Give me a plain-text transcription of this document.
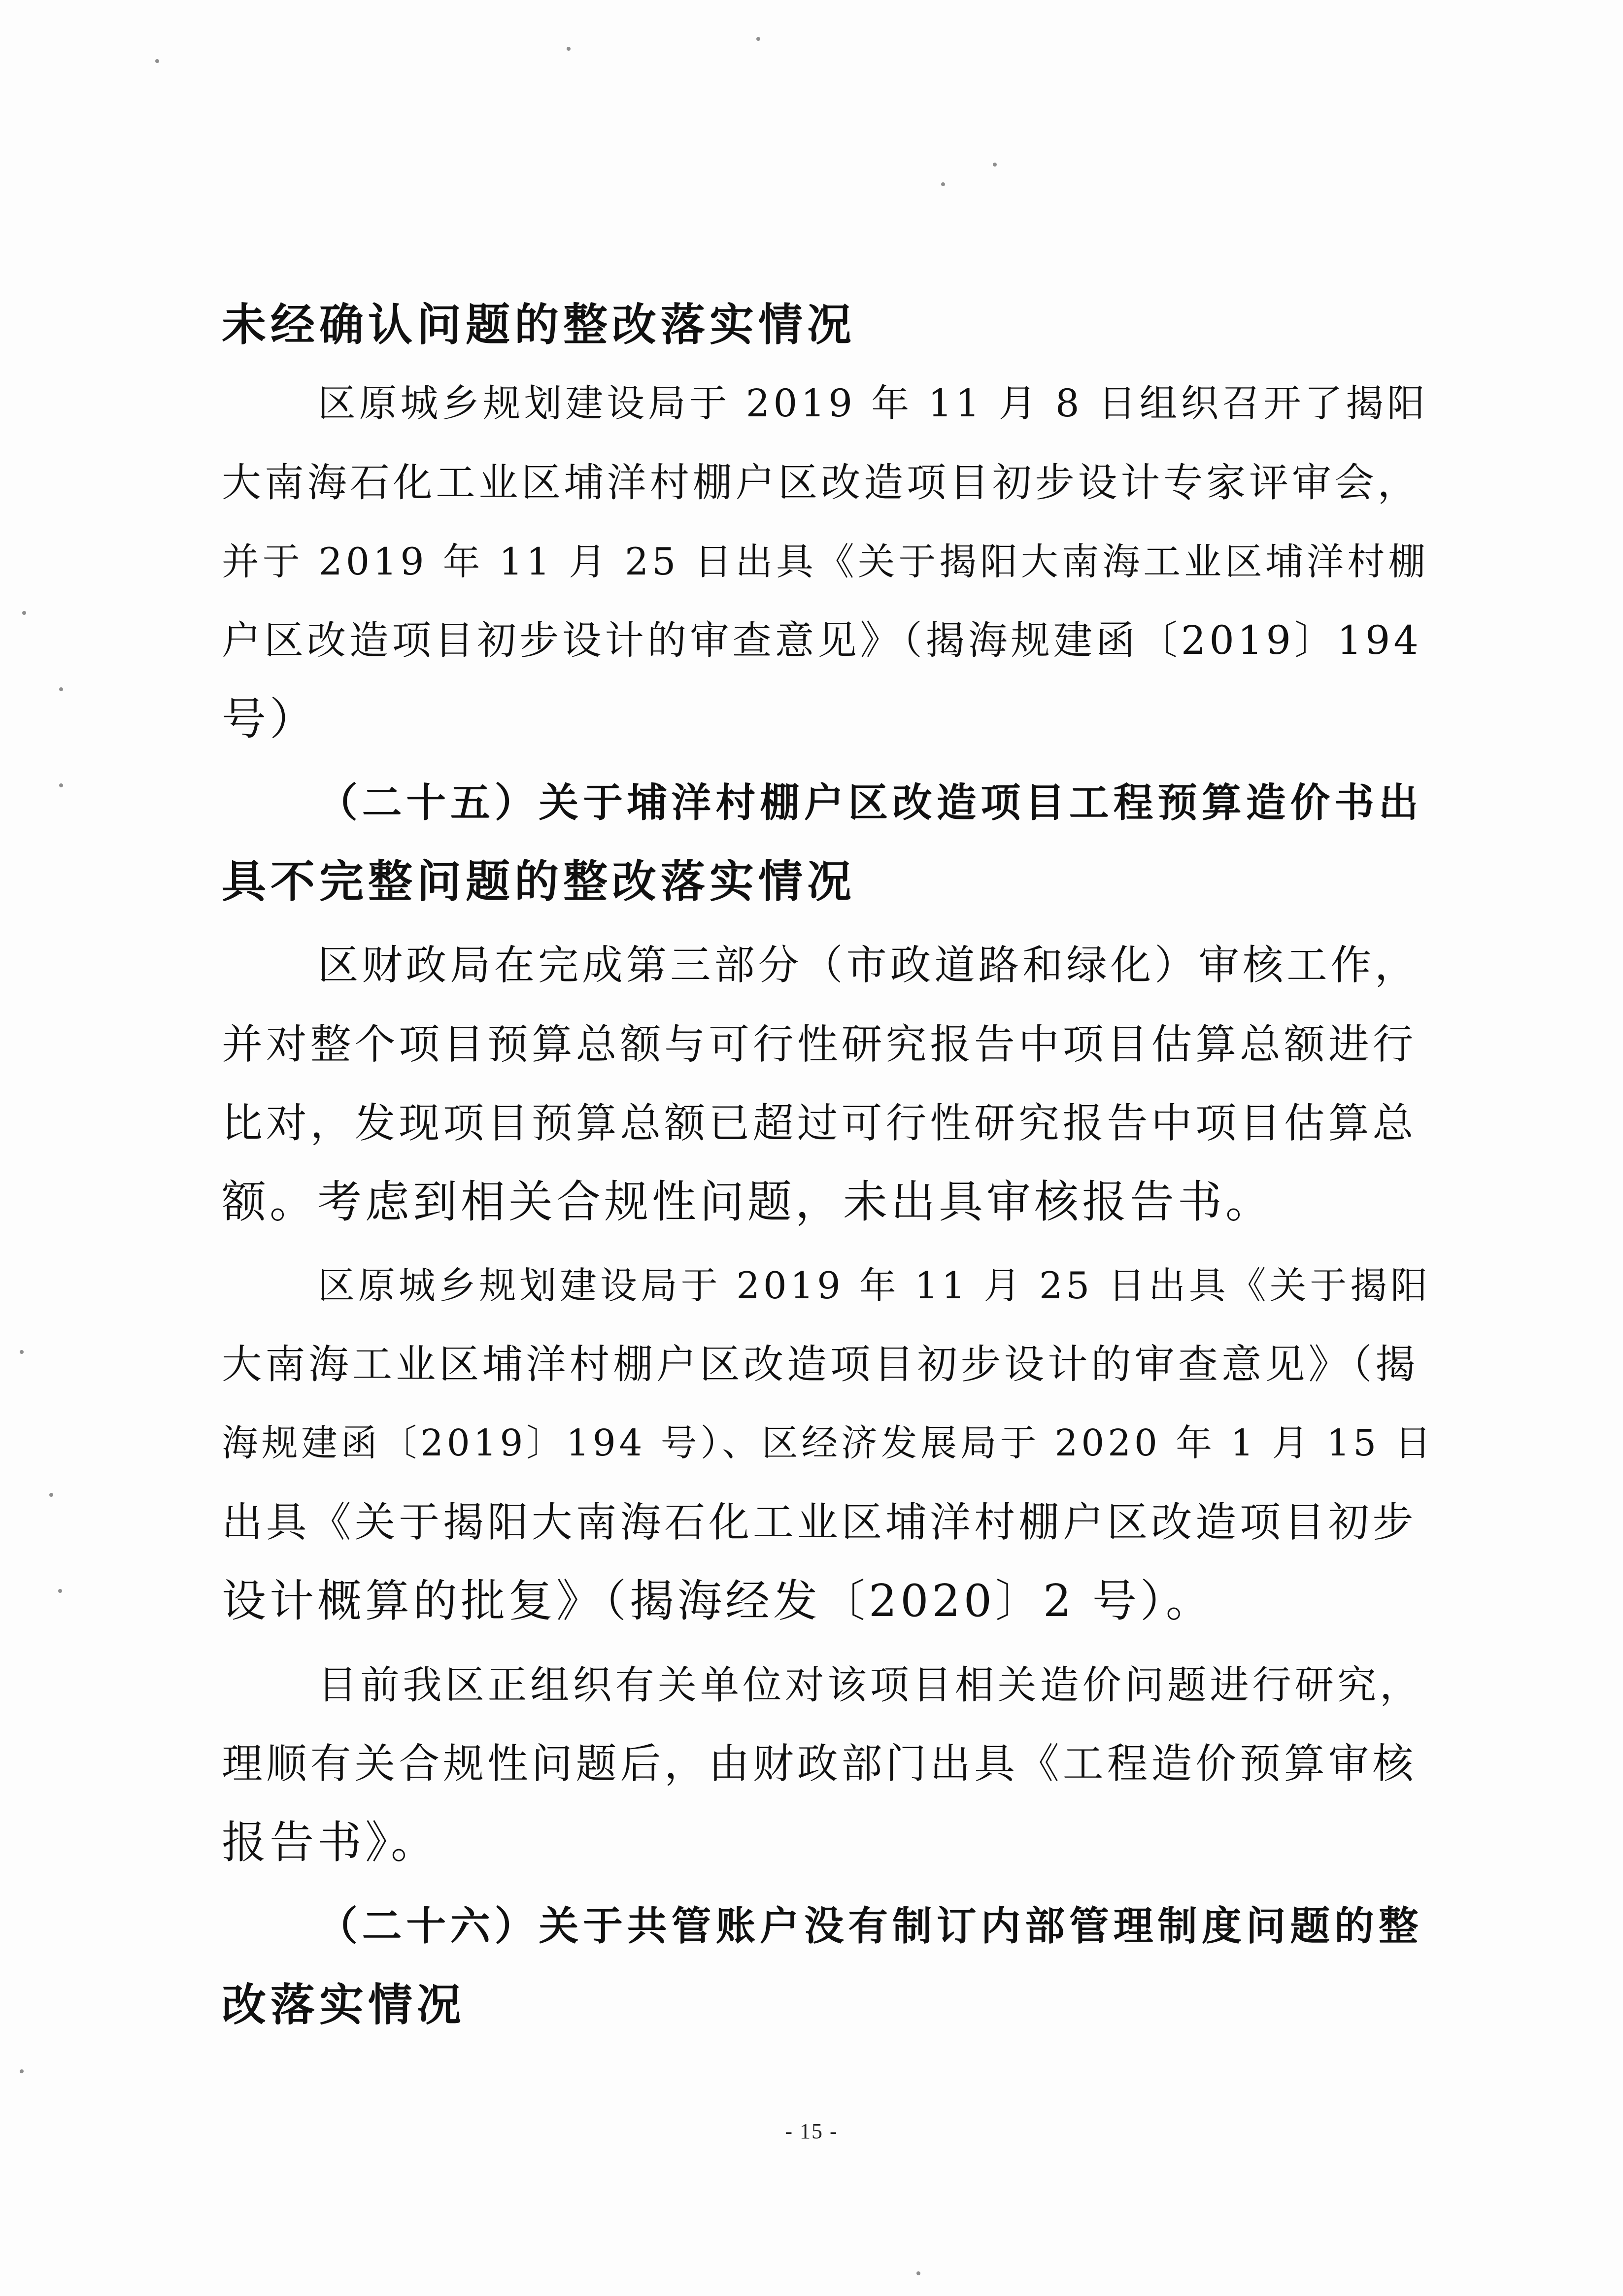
未经确认问题的整改落实情况
区原城乡规划建设局于 2019 年 11 月 8 日组织召开了揭阳
大南海石化工业区埔洋村棚户区改造项目初步设计专家评审会，
并于 2019 年 11 月 25 日出具《关于揭阳大南海工业区埔洋村棚
户区改造项目初步设计的审查意见》（揭海规建函〔2019〕194
号）
（二十五）关于埔洋村棚户区改造项目工程预算造价书出
具不完整问题的整改落实情况
区财政局在完成第三部分（市政道路和绿化）审核工作，
并对整个项目预算总额与可行性研究报告中项目估算总额进行
比对，发现项目预算总额已超过可行性研究报告中项目估算总
额。考虑到相关合规性问题，未出具审核报告书。
区原城乡规划建设局于 2019 年 11 月 25 日出具《关于揭阳
大南海工业区埔洋村棚户区改造项目初步设计的审查意见》（揭
海规建函〔2019〕194 号）、区经济发展局于 2020 年 1 月 15 日
出具《关于揭阳大南海石化工业区埔洋村棚户区改造项目初步
设计概算的批复》（揭海经发〔2020〕2 号）。
目前我区正组织有关单位对该项目相关造价问题进行研究，
理顺有关合规性问题后，由财政部门出具《工程造价预算审核
报告书》。
（二十六）关于共管账户没有制订内部管理制度问题的整
改落实情况
- 15 -
